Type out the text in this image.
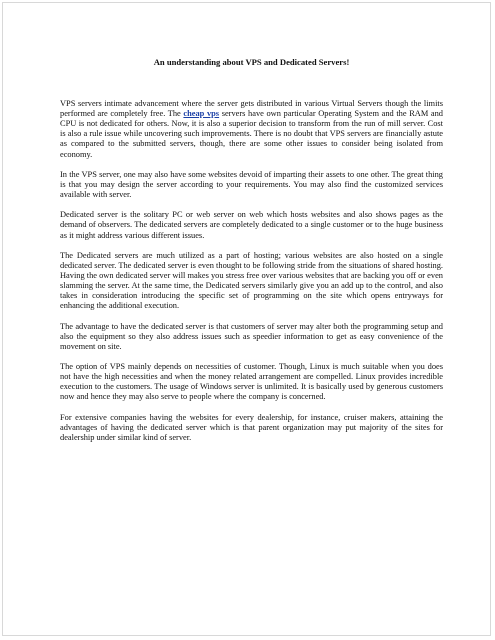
An understanding about VPS and Dedicated Servers!

VPS servers intimate advancement where the server gets distributed in various Virtual Servers though the limits performed are completely free. The cheap vps servers have own particular Operating System and the RAM and CPU is not dedicated for others. Now, it is also a superior decision to transform from the run of mill server. Cost is also a rule issue while uncovering such improvements. There is no doubt that VPS servers are financially astute as compared to the submitted servers, though, there are some other issues to consider being isolated from economy.

In the VPS server, one may also have some websites devoid of imparting their assets to one other. The great thing is that you may design the server according to your requirements. You may also find the customized services available with server.

Dedicated server is the solitary PC or web server on web which hosts websites and also shows pages as the demand of observers. The dedicated servers are completely dedicated to a single customer or to the huge business as it might address various different issues.

The Dedicated servers are much utilized as a part of hosting; various websites are also hosted on a single dedicated server. The dedicated server is even thought to be following stride from the situations of shared hosting. Having the own dedicated server will makes you stress free over various websites that are backing you off or even slamming the server. At the same time, the Dedicated servers similarly give you an add up to the control, and also takes in consideration introducing the specific set of programming on the site which opens entryways for enhancing the additional execution.

The advantage to have the dedicated server is that customers of server may alter both the programming setup and also the equipment so they also address issues such as speedier information to get as easy convenience of the movement on site.

The option of VPS mainly depends on necessities of customer. Though, Linux is much suitable when you does not have the high necessities and when the money related arrangement are compelled. Linux provides incredible execution to the customers. The usage of Windows server is unlimited. It is basically used by generous customers now and hence they may also serve to people where the company is concerned.

For extensive companies having the websites for every dealership, for instance, cruiser makers, attaining the advantages of having the dedicated server which is that parent organization may put majority of the sites for dealership under similar kind of server.
